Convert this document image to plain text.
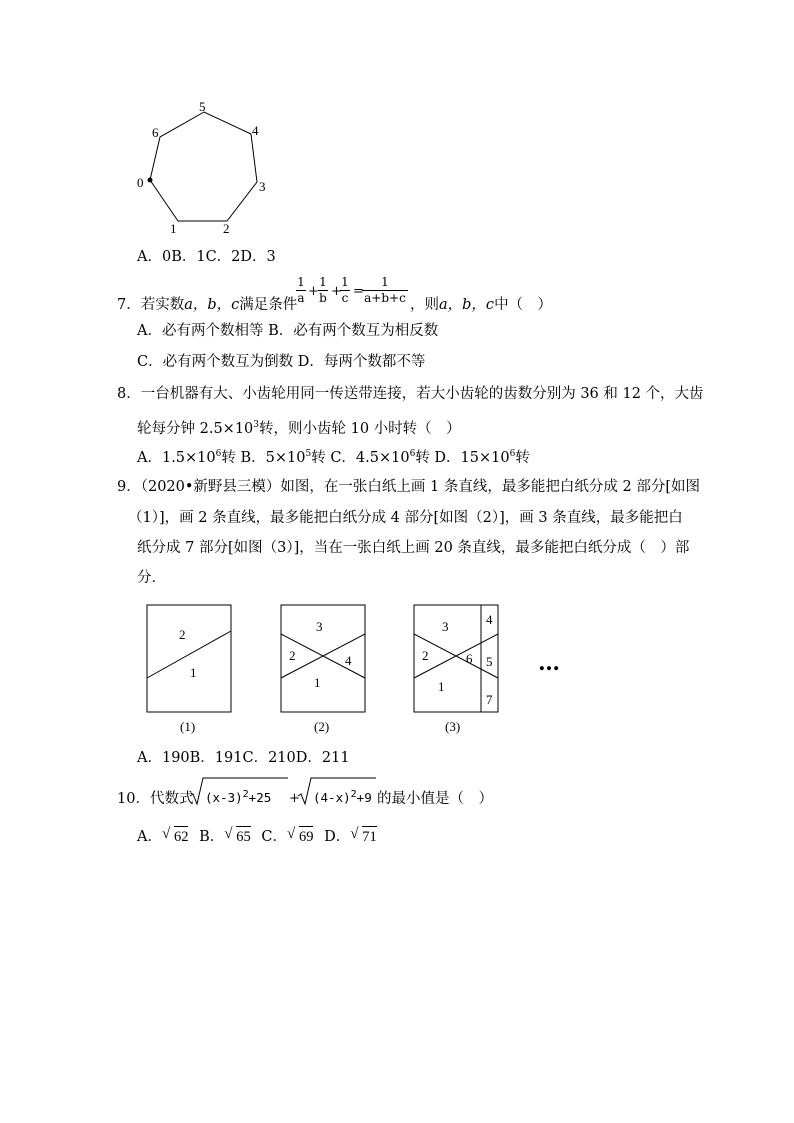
0
1	2
3
4
5
6
A．0B．1C．2D．3
7．若实数a，b，c满足条件
1
a +
1
b +
1
c =
1
a+b+c ，则a，b，c中（　）
A．必有两个数相等 B．必有两个数互为相反数
C．必有两个数互为倒数 D．每两个数都不等
8．一台机器有大、小齿轮用同一传送带连接，若大小齿轮的齿数分别为 36 和 12 个，大齿
轮每分钟 $2.5\times 10^3$转，则小齿轮 10 小时转（　）
A．$1.5\times 10^6$转 B．$5\times 10^5$转 C．$4.5\times 10^6$转 D．$15\times 10^6$转
9．（2020•新野县三模）如图，在一张白纸上画 1 条直线，最多能把白纸分成 2 部分[如图
（1）]，画 2 条直线，最多能把白纸分成 4 部分[如图（2）]，画 3 条直线，最多能把白
纸分成 7 部分[如图（3）]，当在一张白纸上画 20 条直线，最多能把白纸分成（　）部
分．
2
1
(1)
3
2	4
1
(2)
3	4
2	6 5
1
7
(3)
…
A．190B．191C．210D．211
10．代数式 $(x-3)^2+25 + (4-x)^2+9$ 的最小值是（　）
A． √ 62 B． √ 65 C． √ 69 D． √ 71
